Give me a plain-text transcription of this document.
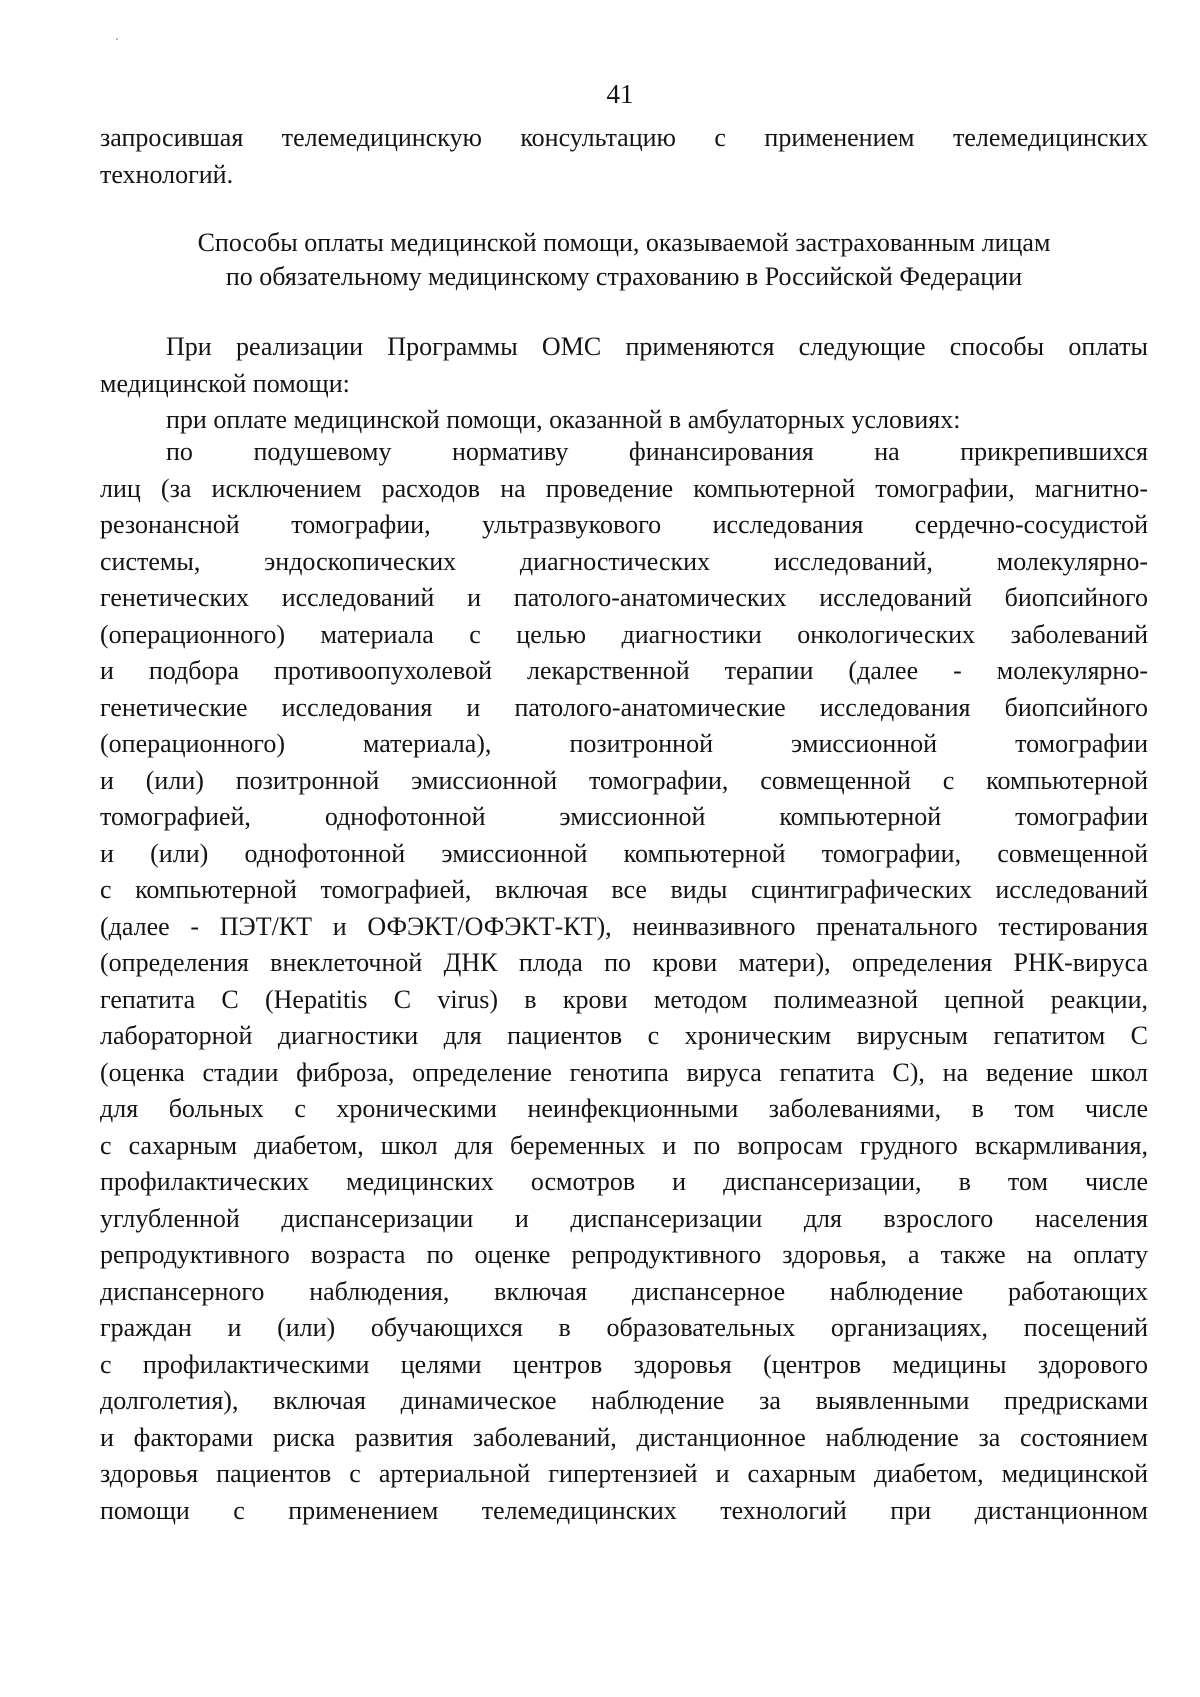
41
запросившая телемедицинскую консультацию с применением телемедицинских
технологий.
Способы оплаты медицинской помощи, оказываемой застрахованным лицам
по обязательному медицинскому страхованию в Российской Федерации
При реализации Программы ОМС применяются следующие способы оплаты
медицинской помощи:
при оплате медицинской помощи, оказанной в амбулаторных условиях:
по подушевому нормативу финансирования на прикрепившихся
лиц (за исключением расходов на проведение компьютерной томографии, магнитно-
резонансной томографии, ультразвукового исследования сердечно-сосудистой
системы, эндоскопических диагностических исследований, молекулярно-
генетических исследований и патолого-анатомических исследований биопсийного
(операционного) материала с целью диагностики онкологических заболеваний
и подбора противоопухолевой лекарственной терапии (далее - молекулярно-
генетические исследования и патолого-анатомические исследования биопсийного
(операционного) материала), позитронной эмиссионной томографии
и (или) позитронной эмиссионной томографии, совмещенной с компьютерной
томографией, однофотонной эмиссионной компьютерной томографии
и (или) однофотонной эмиссионной компьютерной томографии, совмещенной
с компьютерной томографией, включая все виды сцинтиграфических исследований
(далее - ПЭТ/КТ и ОФЭКТ/ОФЭКТ-КТ), неинвазивного пренатального тестирования
(определения внеклеточной ДНК плода по крови матери), определения РНК-вируса
гепатита С (Hepatitis C virus) в крови методом полимеазной цепной реакции,
лабораторной диагностики для пациентов с хроническим вирусным гепатитом С
(оценка стадии фиброза, определение генотипа вируса гепатита С), на ведение школ
для больных с хроническими неинфекционными заболеваниями, в том числе
с сахарным диабетом, школ для беременных и по вопросам грудного вскармливания,
профилактических медицинских осмотров и диспансеризации, в том числе
углубленной диспансеризации и диспансеризации для взрослого населения
репродуктивного возраста по оценке репродуктивного здоровья, а также на оплату
диспансерного наблюдения, включая диспансерное наблюдение работающих
граждан и (или) обучающихся в образовательных организациях, посещений
с профилактическими целями центров здоровья (центров медицины здорового
долголетия), включая динамическое наблюдение за выявленными предрисками
и факторами риска развития заболеваний, дистанционное наблюдение за состоянием
здоровья пациентов с артериальной гипертензией и сахарным диабетом, медицинской
помощи с применением телемедицинских технологий при дистанционном
